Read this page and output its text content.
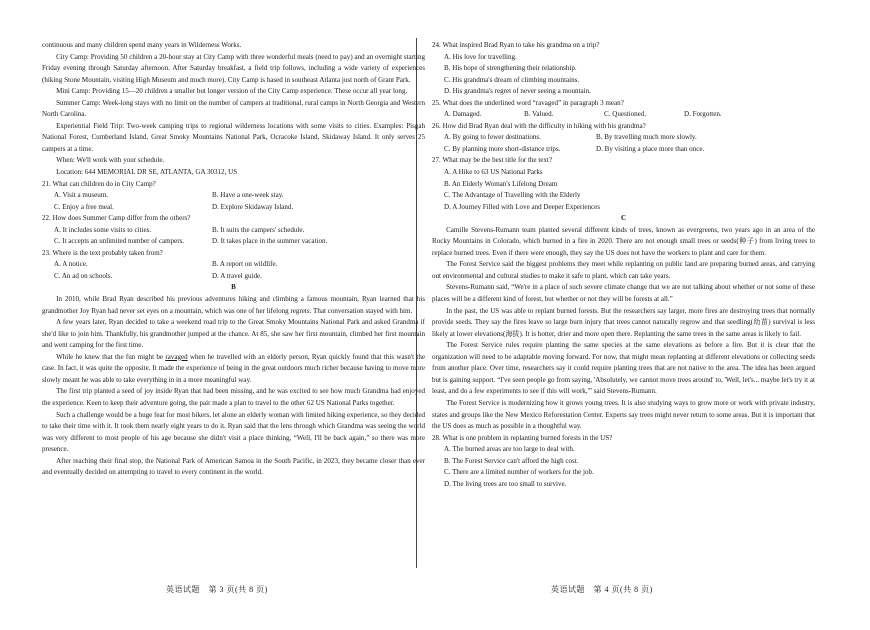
continuous and many children spend many years in Wilderness Works.

City Camp: Providing 50 children a 20-hour stay at City Camp with three wonderful meals (need to pay) and an overnight starting Friday evening through Saturday afternoon. After Saturday breakfast, a field trip follows, including a wide variety of experiences (hiking Stone Mountain, visiting High Museum and much more). City Camp is based in southeast Atlanta just north of Grant Park.

Mini Camp: Providing 15—20 children a smaller but longer version of the City Camp experience. These occur all year long.

Summer Camp: Week-long stays with no limit on the number of campers at traditional, rural camps in North Georgia and Western North Carolina.

Experiential Field Trip: Two-week camping trips to regional wilderness locations with some visits to cities. Examples: Pisgah National Forest, Cumberland Island, Great Smoky Mountains National Park, Ocracoke Island, Skidaway Island. It only serves 25 campers at a time.

When: We'll work with your schedule.

Location: 644 MEMORIAL DR SE, ATLANTA, GA 30312, US

21. What can children do in City Camp?

A. Visit a museum.	B. Have a one-week stay.
C. Enjoy a free meal.	D. Explore Skidaway Island.

22. How does Summer Camp differ from the others?

A. It includes some visits to cities.	B. It suits the campers' schedule.
C. It accepts an unlimited number of campers.	D. It takes place in the summer vacation.

23. Where is the text probably taken from?

A. A notice.	B. A report on wildlife.
C. An ad on schools.	D. A travel guide.

B

In 2010, while Brad Ryan described his previous adventures hiking and climbing a famous mountain, Ryan learned that his grandmother Joy Ryan had never set eyes on a mountain, which was one of her lifelong regrets. That conversation stayed with him.

A few years later, Ryan decided to take a weekend road trip to the Great Smoky Mountains National Park and asked Grandma if she'd like to join him. Thankfully, his grandmother jumped at the chance. At 85, she saw her first mountain, climbed her first mountain and went camping for the first time.

While he knew that the fun might be ravaged when he travelled with an elderly person, Ryan quickly found that this wasn't the case. In fact, it was quite the opposite. It made the experience of being in the great outdoors much richer because having to move more slowly meant he was able to take everything in in a more meaningful way.

The first trip planted a seed of joy inside Ryan that had been missing, and he was excited to see how much Grandma had enjoyed the experience. Keen to keep their adventure going, the pair made a plan to travel to the other 62 US National Parks together.

Such a challenge would be a huge feat for most bikers, let alone an elderly woman with limited hiking experience, so they decided to take their time with it. It took them nearly eight years to do it. Ryan said that the lens through which Grandma was seeing the world was very different to most people of his age because she didn't visit a place thinking, “Well, I'll be back again,” so there was more presence.

After reaching their final stop, the National Park of American Samoa in the South Pacific, in 2023, they became closer than ever and eventually decided on attempting to travel to every continent in the world.

24. What inspired Brad Ryan to take his grandma on a trip?

A. His love for travelling.

B. His hope of strengthening their relationship.

C. His grandma's dream of climbing mountains.

D. His grandma's regret of never seeing a mountain.

25. What does the underlined word “ravaged” in paragraph 3 mean?

A. Damaged.	B. Valued.	C. Questioned.	D. Forgotten.

26. How did Brad Ryan deal with the difficulty in hiking with his grandma?

A. By going to fewer destinations.	B. By travelling much more slowly.
C. By planning more short-distance trips.	D. By visiting a place more than once.

27. What may be the best title for the text?

A. A Hike to 63 US National Parks

B. An Elderly Woman's Lifelong Dream

C. The Advantage of Travelling with the Elderly

D. A Journey Filled with Love and Deeper Experiences

C

Camille Stevens-Rumann team planted several different kinds of trees, known as evergreens, two years ago in an area of the Rocky Mountains in Colorado, which burned in a fire in 2020. There are not enough small trees or seeds(种子) from living trees to replace burned trees. Even if there were enough, they say the US does not have the workers to plant and care for them.

The Forest Service said the biggest problems they meet while replanting on public land are preparing burned areas, and carrying out environmental and cultural studies to make it safe to plant, which can take years.

Stevens-Rumann said, “We're in a place of such severe climate change that we are not talking about whether or not some of these places will be a different kind of forest, but whether or not they will be forests at all.”

In the past, the US was able to replant burned forests. But the researchers say larger, more fires are destroying trees that normally provide seeds. They say the fires leave so large burn injury that trees cannot naturally regrow and that seedling(幼苗) survival is less likely at lower elevations(海拔). It is hotter, drier and more open there. Replanting the same trees in the same areas is likely to fail.

The Forest Service rules require planting the same species at the same elevations as before a fire. But it is clear that the organization will need to be adaptable moving forward. For now, that might mean replanting at different elevations or collecting seeds from another place. Over time, researchers say it could require planting trees that are not native to the area. The idea has been argued but is gaining support. “I've seen people go from saying, 'Absolutely, we cannot move trees around' to, 'Well, let's... maybe let's try it at least, and do a few experiments to see if this will work,'” said Stevens-Rumann.

The Forest Service is modernizing how it grows young trees. It is also studying ways to grow more or work with private industry, states and groups like the New Mexico Reforestation Center. Experts say trees might never return to some areas. But it is important that the US does as much as possible in a thoughtful way.

28. What is one problem in replanting burned forests in the US?

A. The burned areas are too large to deal with.

B. The Forest Service can't afford the high cost.

C. There are a limited number of workers for the job.

D. The living trees are too small to survive.

英语试题　第 3 页(共 8 页)	英语试题　第 4 页(共 8 页)
